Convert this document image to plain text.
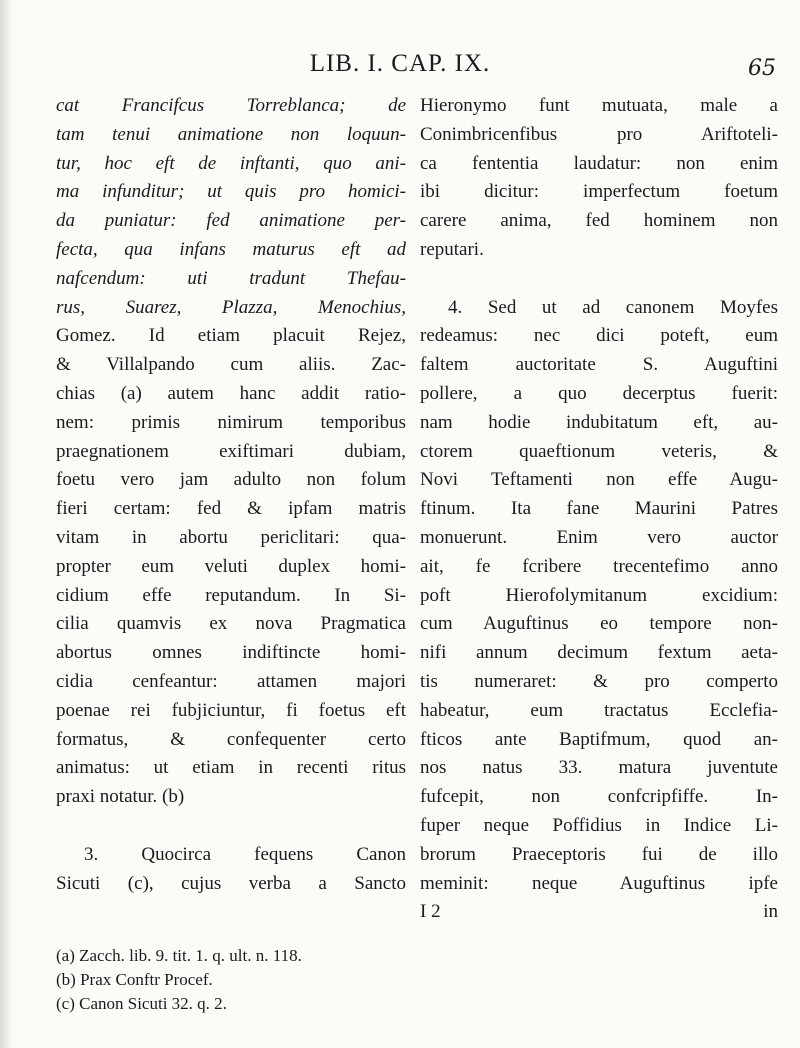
LIB. I. CAP. IX.	65
cat Francifcus Torreblanca; de
tam tenui animatione non loquun-
tur, hoc eft de inftanti, quo ani-
ma infunditur; ut quis pro homici-
da puniatur: fed animatione per-
fecta, qua infans maturus eft ad
nafcendum: uti tradunt Thefau-
rus, Suarez, Plazza, Menochius,
Gomez. Id etiam placuit Rejez,
& Villalpando cum aliis. Zac-
chias (a) autem hanc addit ratio-
nem: primis nimirum temporibus
praegnationem exiftimari dubiam,
foetu vero jam adulto non folum
fieri certam: fed & ipfam matris
vitam in abortu periclitari: qua-
propter eum veluti duplex homi-
cidium effe reputandum. In Si-
cilia quamvis ex nova Pragmatica
abortus omnes indiftincte homi-
cidia cenfeantur: attamen majori
poenae rei fubjiciuntur, fi foetus eft
formatus, & confequenter certo
animatus: ut etiam in recenti ritus
praxi notatur. (b)

3. Quocirca fequens Canon
Sicuti (c), cujus verba a Sancto
Hieronymo funt mutuata, male a
Conimbricenfibus pro Ariftoteli-
ca fententia laudatur: non enim
ibi dicitur: imperfectum foetum
carere anima, fed hominem non
reputari.

4. Sed ut ad canonem Moyfes
redeamus: nec dici poteft, eum
faltem auctoritate S. Auguftini
pollere, a quo decerptus fuerit:
nam hodie indubitatum eft, au-
ctorem quaeftionum veteris, &
Novi Teftamenti non effe Augu-
ftinum. Ita fane Maurini Patres
monuerunt. Enim vero auctor
ait, fe fcribere trecentefimo anno
poft Hierofolymitanum excidium:
cum Auguftinus eo tempore non-
nifi annum decimum fextum aeta-
tis numeraret: & pro comperto
habeatur, eum tractatus Ecclefia-
fticos ante Baptifmum, quod an-
nos natus 33. matura juventute
fufcepit, non confcripfiffe. In-
fuper neque Poffidius in Indice Li-
brorum Praeceptoris fui de illo
meminit: neque Auguftinus ipfe
I 2	in

(a) Zacch. lib. 9. tit. 1. q. ult. n. 118.
(b) Prax Conftr Procef.
(c) Canon Sicuti 32. q. 2.
